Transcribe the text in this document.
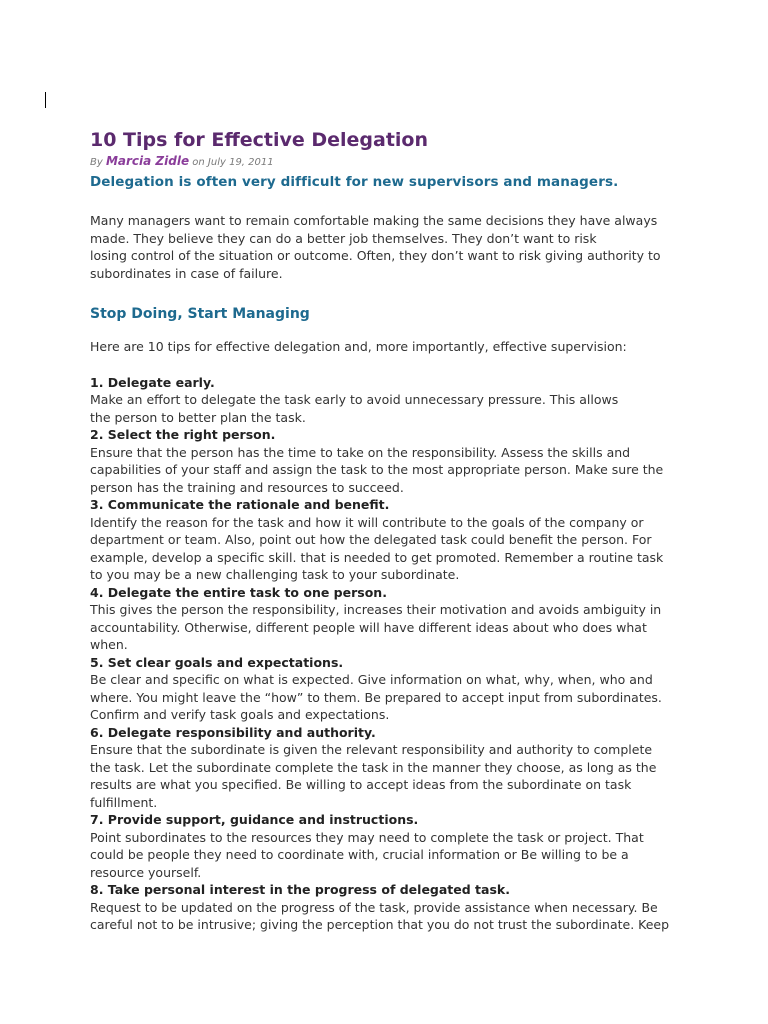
10 Tips for Effective Delegation

By Marcia Zidle on July 19, 2011

Delegation is often very difficult for new supervisors and managers.

Many managers want to remain comfortable making the same decisions they have always
made. They believe they can do a better job themselves. They don’t want to risk
losing control of the situation or outcome. Often, they don’t want to risk giving authority to
subordinates in case of failure.

Stop Doing, Start Managing

Here are 10 tips for effective delegation and, more importantly, effective supervision:

1. Delegate early.

Make an effort to delegate the task early to avoid unnecessary pressure. This allows
the person to better plan the task.

2. Select the right person.

Ensure that the person has the time to take on the responsibility. Assess the skills and
capabilities of your staff and assign the task to the most appropriate person. Make sure the
person has the training and resources to succeed.

3. Communicate the rationale and benefit.

Identify the reason for the task and how it will contribute to the goals of the company or
department or team. Also, point out how the delegated task could benefit the person. For
example, develop a specific skill. that is needed to get promoted. Remember a routine task
to you may be a new challenging task to your subordinate.

4. Delegate the entire task to one person.

This gives the person the responsibility, increases their motivation and avoids ambiguity in
accountability. Otherwise, different people will have different ideas about who does what
when.

5. Set clear goals and expectations.

Be clear and specific on what is expected. Give information on what, why, when, who and
where. You might leave the “how” to them. Be prepared to accept input from subordinates.
Confirm and verify task goals and expectations.

6. Delegate responsibility and authority.

Ensure that the subordinate is given the relevant responsibility and authority to complete
the task. Let the subordinate complete the task in the manner they choose, as long as the
results are what you specified. Be willing to accept ideas from the subordinate on task
fulfillment.

7. Provide support, guidance and instructions.

Point subordinates to the resources they may need to complete the task or project. That
could be people they need to coordinate with, crucial information or Be willing to be a
resource yourself.

8. Take personal interest in the progress of delegated task.

Request to be updated on the progress of the task, provide assistance when necessary. Be
careful not to be intrusive; giving the perception that you do not trust the subordinate. Keep
